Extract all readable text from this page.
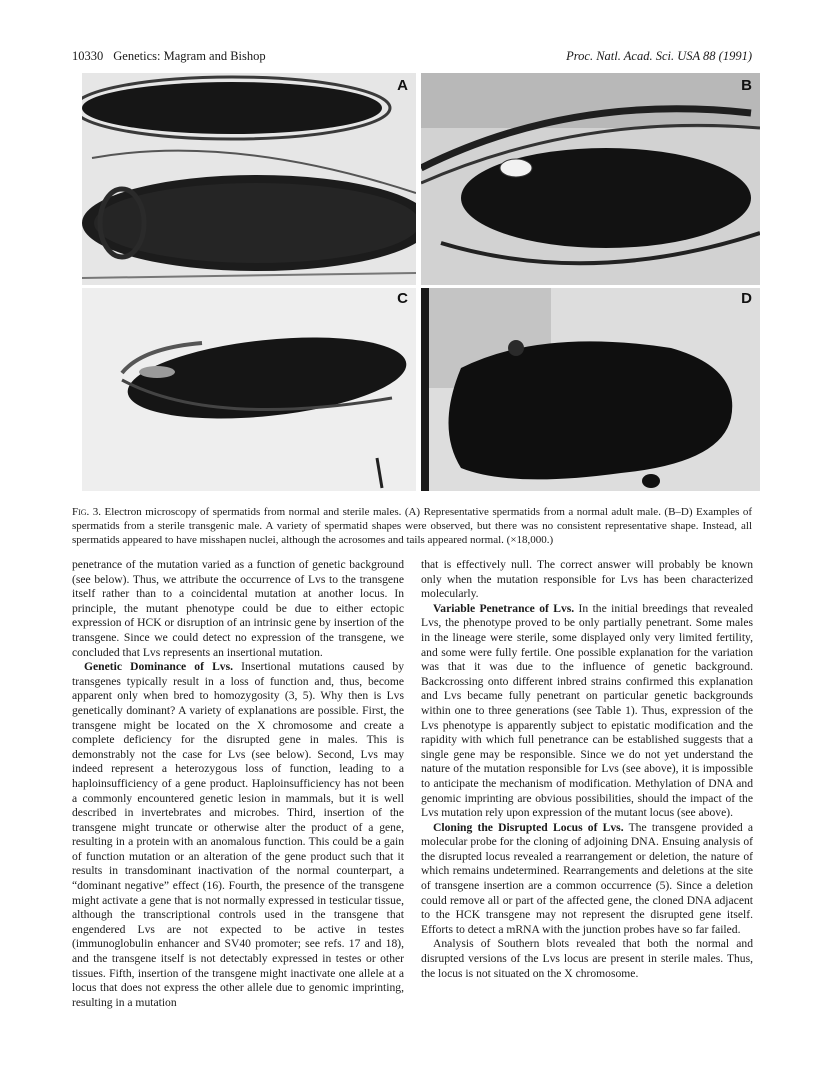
10330 Genetics: Magram and Bishop	Proc. Natl. Acad. Sci. USA 88 (1991)
A	B
C	D
Fig. 3. Electron microscopy of spermatids from normal and sterile males. (A) Representative spermatids from a normal adult male. (B–D) Examples of spermatids from a sterile transgenic male. A variety of spermatid shapes were observed, but there was no consistent representative shape. Instead, all spermatids appeared to have misshapen nuclei, although the acrosomes and tails appeared normal. (×18,000.)

penetrance of the mutation varied as a function of genetic background (see below). Thus, we attribute the occurrence of Lvs to the transgene itself rather than to a coincidental mutation at another locus. In principle, the mutant phenotype could be due to either ectopic expression of HCK or disruption of an intrinsic gene by insertion of the transgene. Since we could detect no expression of the transgene, we concluded that Lvs represents an insertional mutation.

Genetic Dominance of Lvs. Insertional mutations caused by transgenes typically result in a loss of function and, thus, become apparent only when bred to homozygosity (3, 5). Why then is Lvs genetically dominant? A variety of explanations are possible. First, the transgene might be located on the X chromosome and create a complete deficiency for the disrupted gene in males. This is demonstrably not the case for Lvs (see below). Second, Lvs may indeed represent a heterozygous loss of function, leading to a haploinsufficiency of a gene product. Haploinsufficiency has not been a commonly encountered genetic lesion in mammals, but it is well described in invertebrates and microbes. Third, insertion of the transgene might truncate or otherwise alter the product of a gene, resulting in a protein with an anomalous function. This could be a gain of function mutation or an alteration of the gene product such that it results in transdominant inactivation of the normal counterpart, a “dominant negative” effect (16). Fourth, the presence of the transgene might activate a gene that is not normally expressed in testicular tissue, although the transcriptional controls used in the transgene that engendered Lvs are not expected to be active in testes (immunoglobulin enhancer and SV40 promoter; see refs. 17 and 18), and the transgene itself is not detectably expressed in testes or other tissues. Fifth, insertion of the transgene might inactivate one allele at a locus that does not express the other allele due to genomic imprinting, resulting in a mutation

that is effectively null. The correct answer will probably be known only when the mutation responsible for Lvs has been characterized molecularly.

Variable Penetrance of Lvs. In the initial breedings that revealed Lvs, the phenotype proved to be only partially penetrant. Some males in the lineage were sterile, some displayed only very limited fertility, and some were fully fertile. One possible explanation for the variation was that it was due to the influence of genetic background. Backcrossing onto different inbred strains confirmed this explanation and Lvs became fully penetrant on particular genetic backgrounds within one to three generations (see Table 1). Thus, expression of the Lvs phenotype is apparently subject to epistatic modification and the rapidity with which full penetrance can be established suggests that a single gene may be responsible. Since we do not yet understand the nature of the mutation responsible for Lvs (see above), it is impossible to anticipate the mechanism of modification. Methylation of DNA and genomic imprinting are obvious possibilities, should the impact of the Lvs mutation rely upon expression of the mutant locus (see above).

Cloning the Disrupted Locus of Lvs. The transgene provided a molecular probe for the cloning of adjoining DNA. Ensuing analysis of the disrupted locus revealed a rearrangement or deletion, the nature of which remains undetermined. Rearrangements and deletions at the site of transgene insertion are a common occurrence (5). Since a deletion could remove all or part of the affected gene, the cloned DNA adjacent to the HCK transgene may not represent the disrupted gene itself. Efforts to detect a mRNA with the junction probes have so far failed.

Analysis of Southern blots revealed that both the normal and disrupted versions of the Lvs locus are present in sterile males. Thus, the locus is not situated on the X chromosome.
